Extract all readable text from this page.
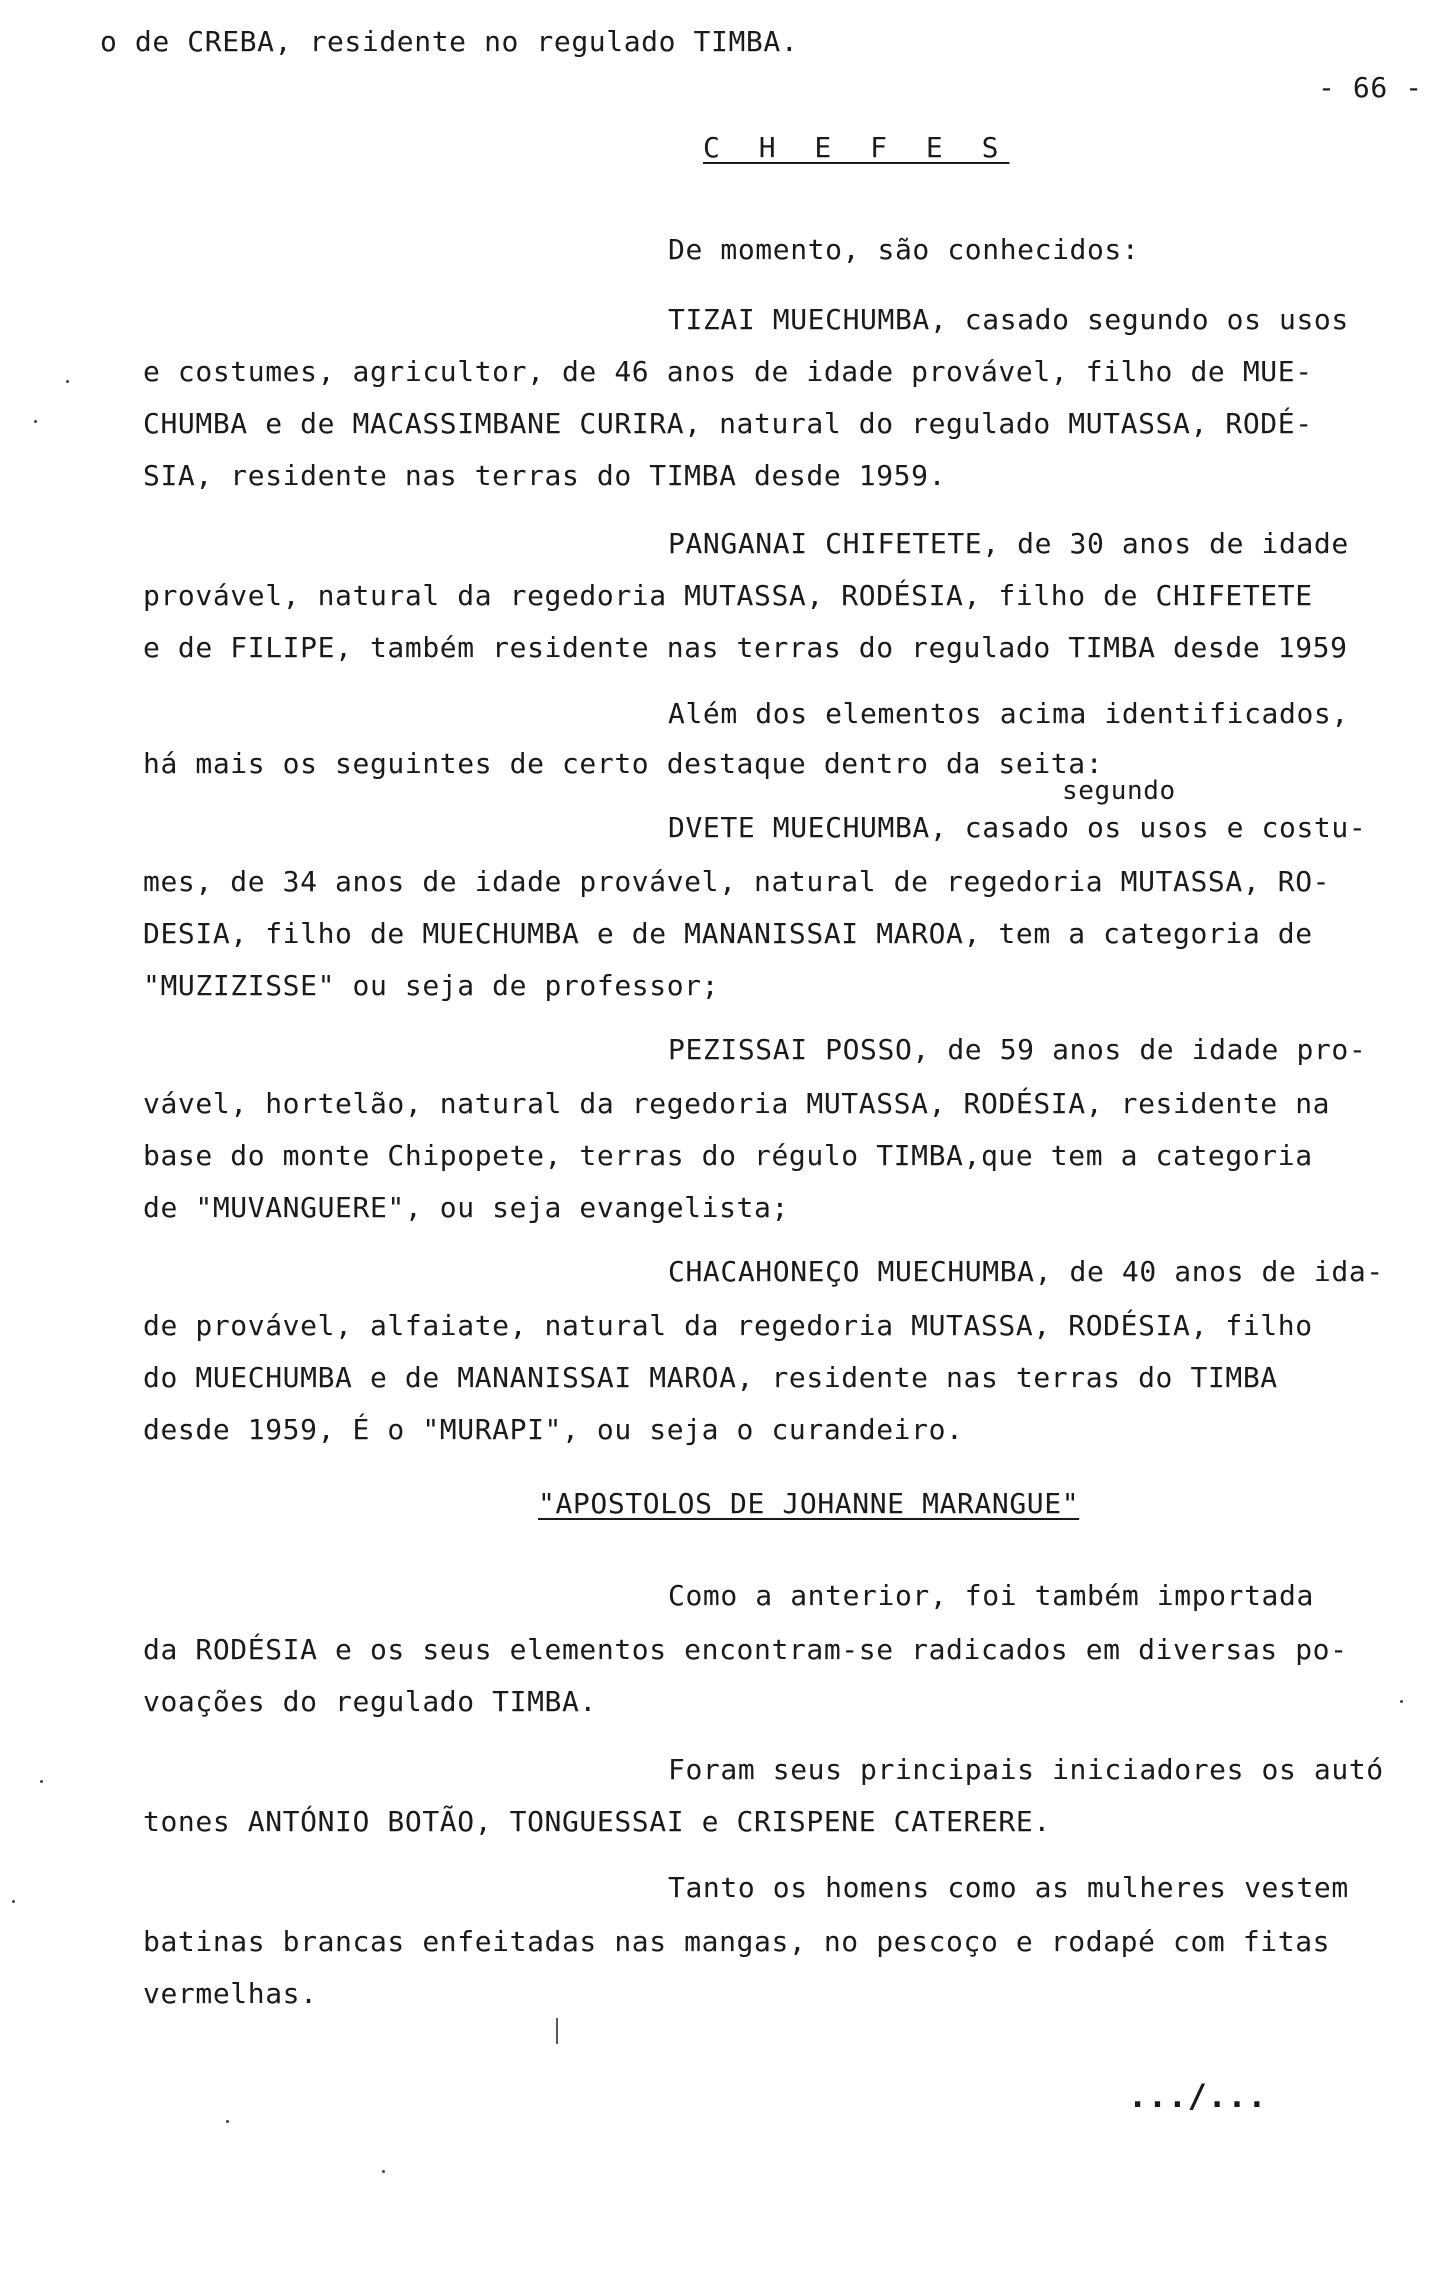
o de CREBA, residente no regulado TIMBA.
- 66 -
C H E F E S
De momento, são conhecidos:
TIZAI MUECHUMBA, casado segundo os usos
e costumes, agricultor, de 46 anos de idade provável, filho de MUE-
CHUMBA e de MACASSIMBANE CURIRA, natural do regulado MUTASSA, RODÉ-
SIA, residente nas terras do TIMBA desde 1959.
PANGANAI CHIFETETE, de 30 anos de idade
provável, natural da regedoria MUTASSA, RODÉSIA, filho de CHIFETETE
e de FILIPE, também residente nas terras do regulado TIMBA desde 1959
Além dos elementos acima identificados,
há mais os seguintes de certo destaque dentro da seita:
segundo
DVETE MUECHUMBA, casado os usos e costu-
mes, de 34 anos de idade provável, natural de regedoria MUTASSA, RO-
DESIA, filho de MUECHUMBA e de MANANISSAI MAROA, tem a categoria de
"MUZIZISSE" ou seja de professor;
PEZISSAI POSSO, de 59 anos de idade pro-
vável, hortelão, natural da regedoria MUTASSA, RODÉSIA, residente na
base do monte Chipopete, terras do régulo TIMBA,que tem a categoria
de "MUVANGUERE", ou seja evangelista;
CHACAHONEÇO MUECHUMBA, de 40 anos de ida-
de provável, alfaiate, natural da regedoria MUTASSA, RODÉSIA, filho
do MUECHUMBA e de MANANISSAI MAROA, residente nas terras do TIMBA
desde 1959, É o "MURAPI", ou seja o curandeiro.
"APOSTOLOS DE JOHANNE MARANGUE"
Como a anterior, foi também importada
da RODÉSIA e os seus elementos encontram-se radicados em diversas po-
voações do regulado TIMBA.
Foram seus principais iniciadores os autó
tones ANTÓNIO BOTÃO, TONGUESSAI e CRISPENE CATERERE.
Tanto os homens como as mulheres vestem
batinas brancas enfeitadas nas mangas, no pescoço e rodapé com fitas
vermelhas.
.../...
